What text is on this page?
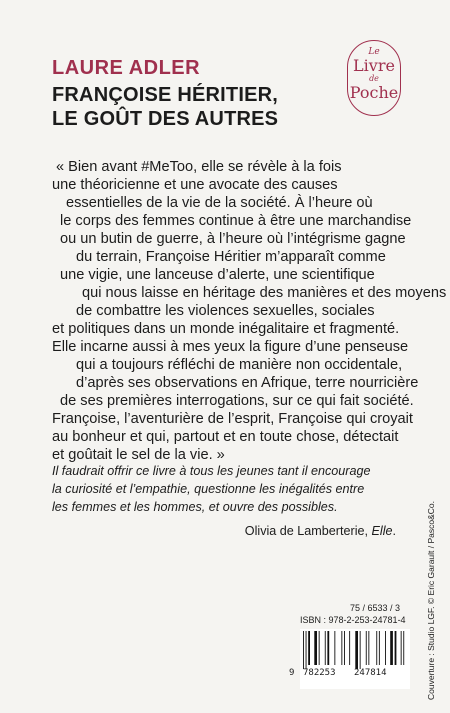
LAURE ADLER
FRANÇOISE HÉRITIER,
LE GOÛT DES AUTRES
Le
Livre
de
Poche
« Bien avant #MeToo, elle se révèle à la fois
une théoricienne et une avocate des causes
essentielles de la vie de la société. À l’heure où
le corps des femmes continue à être une marchandise
ou un butin de guerre, à l’heure où l’intégrisme gagne
du terrain, Françoise Héritier m’apparaît comme
une vigie, une lanceuse d’alerte, une scientifique
qui nous laisse en héritage des manières et des moyens
de combattre les violences sexuelles, sociales
et politiques dans un monde inégalitaire et fragmenté.
Elle incarne aussi à mes yeux la figure d’une penseuse
qui a toujours réfléchi de manière non occidentale,
d’après ses observations en Afrique, terre nourricière
de ses premières interrogations, sur ce qui fait société.
Françoise, l’aventurière de l’esprit, Françoise qui croyait
au bonheur et qui, partout et en toute chose, détectait
et goûtait le sel de la vie. »
Il faudrait offrir ce livre à tous les jeunes tant il encourage
la curiosité et l’empathie, questionne les inégalités entre
les femmes et les hommes, et ouvre des possibles.
Olivia de Lamberterie, Elle.
75 / 6533 / 3
ISBN : 978-2-253-24781-4
9 782253 247814	Couverture : Studio LGF. © Eric Garault / Pasco&Co.
